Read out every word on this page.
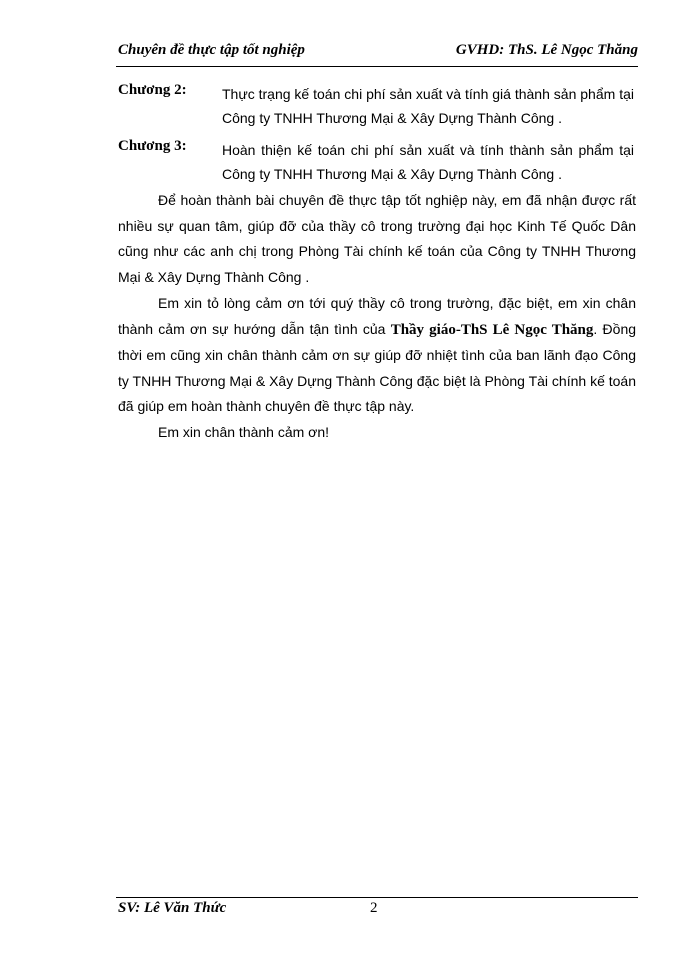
Chuyên đề thực tập tốt nghiệp	GVHD: ThS. Lê Ngọc Thăng
Chương 2:	Thực trạng kế toán chi phí sản xuất và tính giá thành sản phẩm tại Công ty TNHH Thương Mại & Xây Dựng Thành Công .
Chương 3:	Hoàn thiện kế toán chi phí sản xuất và tính thành sản phẩm tại Công ty TNHH Thương Mại & Xây Dựng Thành Công .

Để hoàn thành bài chuyên đề thực tập tốt nghiệp này, em đã nhận được rất nhiều sự quan tâm, giúp đỡ của thầy cô trong trường đại học Kinh Tế Quốc Dân cũng như các anh chị trong Phòng Tài chính kế toán của Công ty TNHH Thương Mại & Xây Dựng Thành Công .

Em xin tỏ lòng cảm ơn tới quý thầy cô trong trường, đặc biệt, em xin chân thành cảm ơn sự hướng dẫn tận tình của Thầy giáo-ThS Lê Ngọc Thăng. Đồng thời em cũng xin chân thành cảm ơn sự giúp đỡ nhiệt tình của ban lãnh đạo Công ty TNHH Thương Mại & Xây Dựng Thành Công đặc biệt là Phòng Tài chính kế toán đã giúp em hoàn thành chuyên đề thực tập này.

Em xin chân thành cảm ơn!

SV: Lê Văn Thức	2
